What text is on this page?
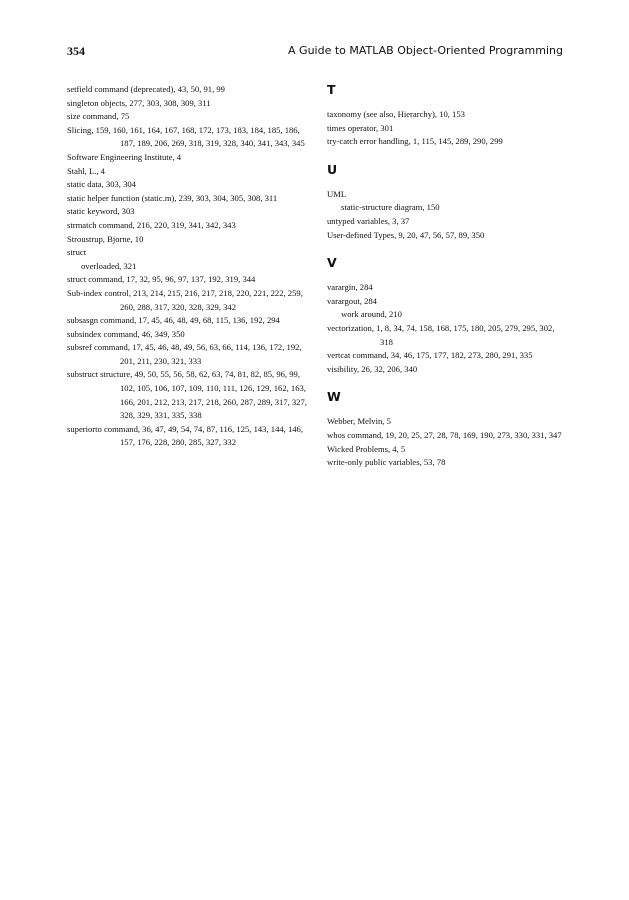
354	A Guide to MATLAB Object-Oriented Programming

setfield command (deprecated), 43, 50, 91, 99

singleton objects, 277, 303, 308, 309, 311

size command, 75

Slicing, 159, 160, 161, 164, 167, 168, 172, 173, 183, 184, 185, 186, 187, 189, 206, 269, 318, 319, 328, 340, 341, 343, 345

Software Engineering Institute, 4

Stahl, L., 4

static data, 303, 304

static helper function (static.m), 239, 303, 304, 305, 308, 311

static keyword, 303

strmatch command, 216, 220, 319, 341, 342, 343

Stroustrup, Bjorne, 10

struct

overloaded, 321

struct command, 17, 32, 95, 96, 97, 137, 192, 319, 344

Sub-index control, 213, 214, 215, 216, 217, 218, 220, 221, 222, 259, 260, 288, 317, 320, 328, 329, 342

subsasgn command, 17, 45, 46, 48, 49, 68, 115, 136, 192, 294

subsindex command, 46, 349, 350

subsref command, 17, 45, 46, 48, 49, 56, 63, 66, 114, 136, 172, 192, 201, 211, 230, 321, 333

substruct structure, 49, 50, 55, 56, 58, 62, 63, 74, 81, 82, 85, 96, 99, 102, 105, 106, 107, 109, 110, 111, 126, 129, 162, 163, 166, 201, 212, 213, 217, 218, 260, 287, 289, 317, 327, 328, 329, 331, 335, 338

superiorto command, 36, 47, 49, 54, 74, 87, 116, 125, 143, 144, 146, 157, 176, 228, 280, 285, 327, 332

T

taxonomy (see also, Hierarchy), 10, 153

times operator, 301

try-catch error handling, 1, 115, 145, 289, 290, 299

U

UML

static-structure diagram, 150

untyped variables, 3, 37

User-defined Types, 9, 20, 47, 56, 57, 89, 350

V

varargin, 284

varargout, 284

work around, 210

vectorization, 1, 8, 34, 74, 158, 168, 175, 180, 205, 279, 295, 302, 318

vertcat command, 34, 46, 175, 177, 182, 273, 280, 291, 335

visibility, 26, 32, 206, 340

W

Webber, Melvin, 5

whos command, 19, 20, 25, 27, 28, 78, 169, 190, 273, 330, 331, 347

Wicked Problems, 4, 5

write-only public variables, 53, 78
